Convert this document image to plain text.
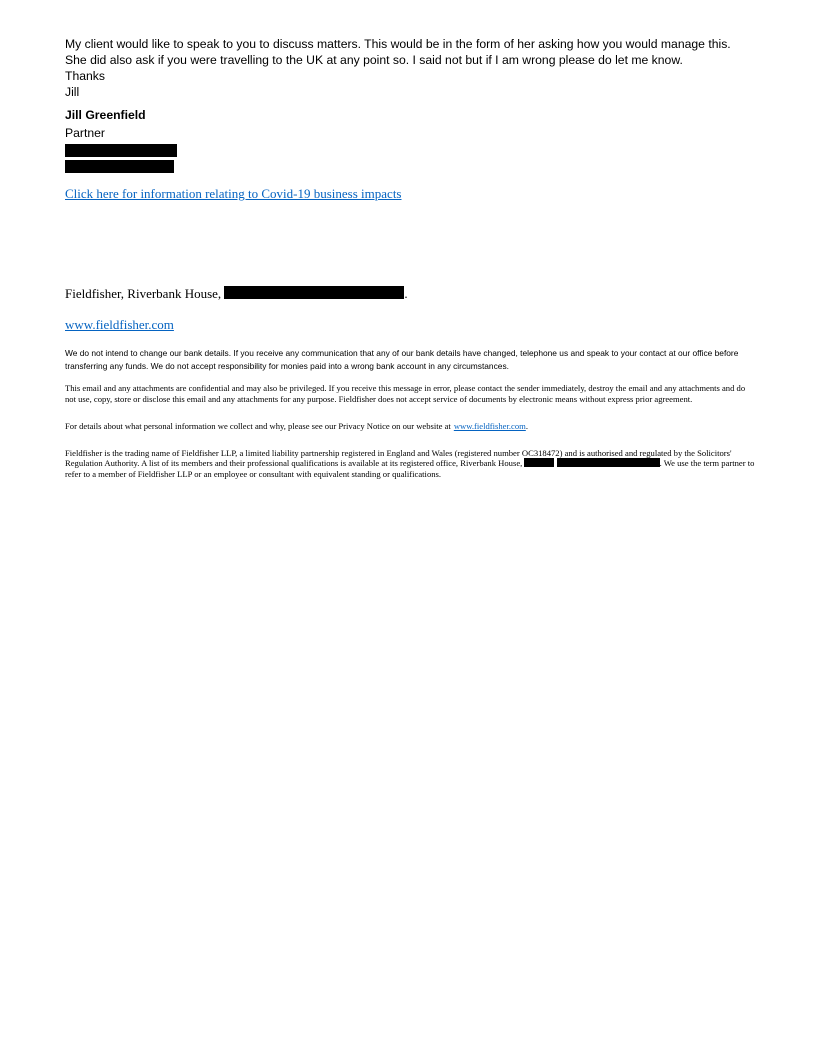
My client would like to speak to you to discuss matters. This would be in the form of her asking how you would manage this.

She did also ask if you were travelling to the UK at any point so. I said not but if I am wrong please do let me know.

Thanks

Jill

Jill Greenfield
Partner
Click here for information relating to Covid-19 business impacts
Fieldfisher, Riverbank House,	.
www.fieldfisher.com
We do not intend to change our bank details. If you receive any communication that any of our bank details have changed, telephone us and speak to your contact at our office before transferring any funds. We do not accept responsibility for monies paid into a wrong bank account in any circumstances.
This email and any attachments are confidential and may also be privileged. If you receive this message in error, please contact the sender immediately, destroy the email and any attachments and do not use, copy, store or disclose this email and any attachments for any purpose. Fieldfisher does not accept service of documents by electronic means without express prior agreement.
For details about what personal information we collect and why, please see our Privacy Notice on our website at www.fieldfisher.com.
Fieldfisher is the trading name of Fieldfisher LLP, a limited liability partnership registered in England and Wales (registered number OC318472) and is authorised and regulated by the Solicitors' Regulation Authority. A list of its members and their professional qualifications is available at its registered office, Riverbank House,	. We use the term partner to refer to a member of Fieldfisher LLP or an employee or consultant with equivalent standing or qualifications.
